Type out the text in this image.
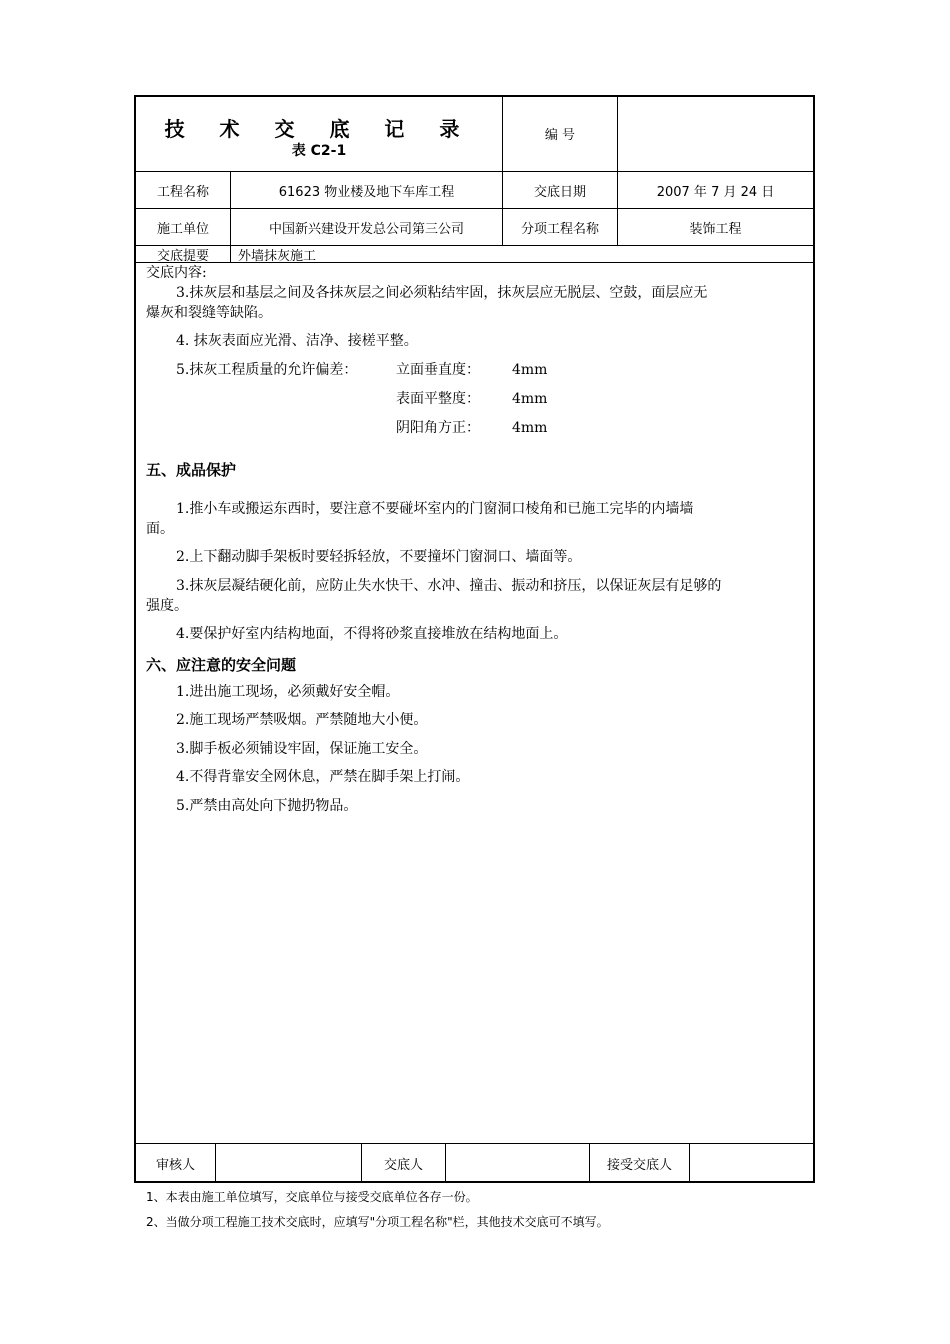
技 术 交 底 记 录
表 C2-1
编 号
工程名称	61623 物业楼及地下车库工程	交底日期	2007 年 7 月 24 日
施工单位	中国新兴建设开发总公司第三公司	分项工程名称	装饰工程
交底提要	外墙抹灰施工
交底内容:
3.抹灰层和基层之间及各抹灰层之间必须粘结牢固，抹灰层应无脱层、空鼓，面层应无
爆灰和裂缝等缺陷。
4. 抹灰表面应光滑、洁净、接槎平整。
5.抹灰工程质量的允许偏差：	立面垂直度： 4mm
表面平整度： 4mm
阴阳角方正： 4mm
五、成品保护
1.推小车或搬运东西时，要注意不要碰坏室内的门窗洞口棱角和已施工完毕的内墙墙
面。
2.上下翻动脚手架板时要轻拆轻放，不要撞坏门窗洞口、墙面等。
3.抹灰层凝结硬化前，应防止失水快干、水冲、撞击、振动和挤压，以保证灰层有足够的
强度。
4.要保护好室内结构地面，不得将砂浆直接堆放在结构地面上。
六、应注意的安全问题
1.进出施工现场，必须戴好安全帽。
2.施工现场严禁吸烟。严禁随地大小便。
3.脚手板必须铺设牢固，保证施工安全。
4.不得背靠安全网休息，严禁在脚手架上打闹。
5.严禁由高处向下抛扔物品。
审核人	交底人	接受交底人
1、本表由施工单位填写，交底单位与接受交底单位各存一份。
2、当做分项工程施工技术交底时，应填写"分项工程名称"栏，其他技术交底可不填写。
